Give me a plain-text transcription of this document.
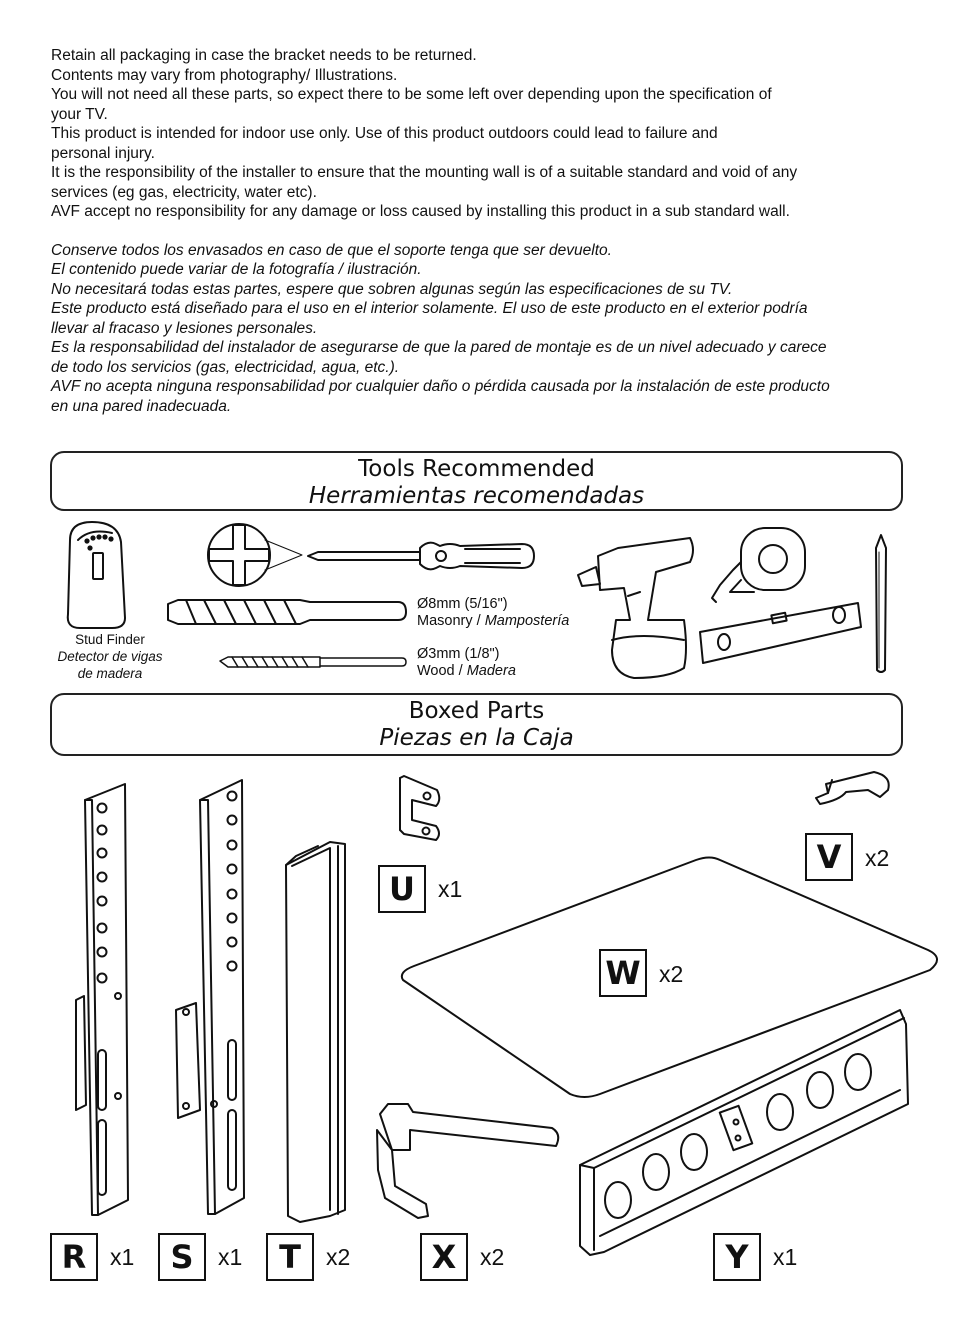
Retain all packaging in case the bracket needs to be returned.

Contents may vary from photography/ Illustrations.

You will not need all these parts, so expect there to be some left over depending upon the specification of

your TV.

This product is intended for indoor use only. Use of this product outdoors could lead to failure and

personal injury.

It is the responsibility of the installer to ensure that the mounting wall is of a suitable standard and void of any

services (eg gas, electricity, water etc).

AVF accept no responsibility for any damage or loss caused by installing this product in a sub standard wall.

Conserve todos los envasados en caso de que el soporte tenga que ser devuelto.

El contenido puede variar de la fotografía / ilustración.

No necesitará todas estas partes, espere que sobren algunas según las especificaciones de su TV.

Este producto está diseñado para el uso en el interior solamente. El uso de este producto en el exterior podría

llevar al fracaso y lesiones personales.

Es la responsabilidad del instalador de asegurarse de que la pared de montaje es de un nivel adecuado y carece

de todo los servicios (gas, electricidad, agua, etc.).

AVF no acepta ninguna responsabilidad por cualquier daño o pérdida causada por la instalación de este producto

en una pared inadecuada.

Tools Recommended
Herramientas recomendadas
Stud Finder
Detector de vigas
de madera
Ø8mm (5/16")
Masonry / Mampostería
Ø3mm (1/8")
Wood / Madera
Boxed Parts
Piezas en la Caja
R	x1	S	x1	T	x2
U	x1
V	x2
W x2
X	x2	Y	x1
